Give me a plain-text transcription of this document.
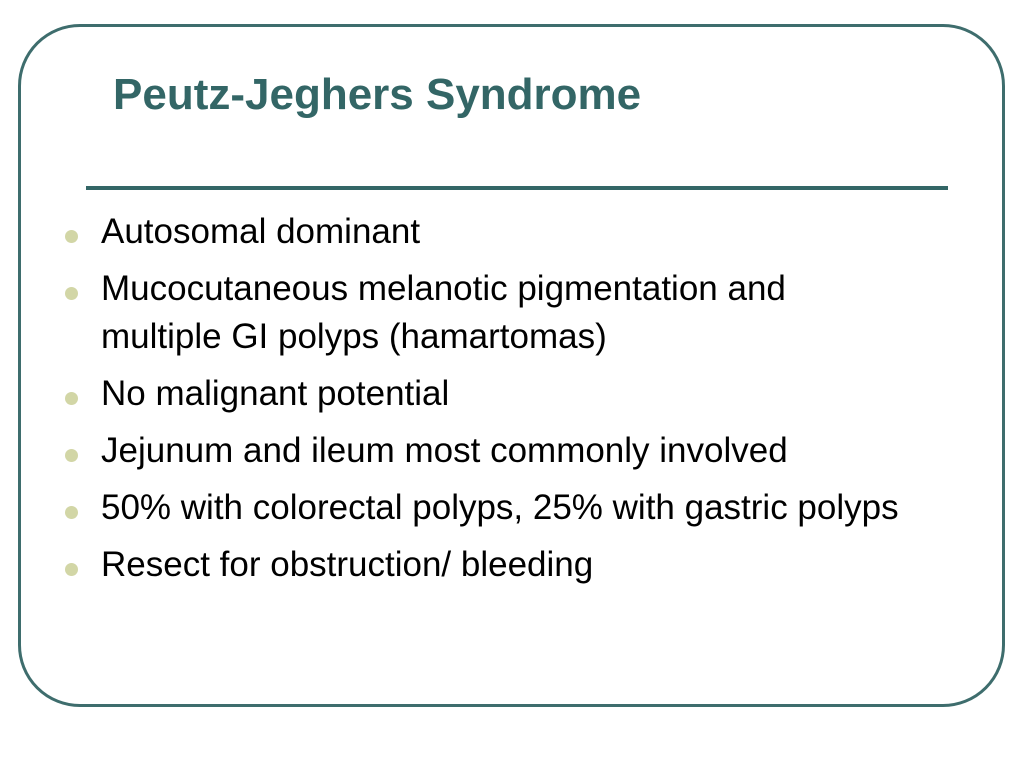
Peutz-Jeghers Syndrome
Autosomal dominant
Mucocutaneous melanotic pigmentation and multiple GI polyps (hamartomas)
No malignant potential
Jejunum and ileum most commonly involved
50% with colorectal polyps, 25% with gastric polyps
Resect for obstruction/ bleeding
